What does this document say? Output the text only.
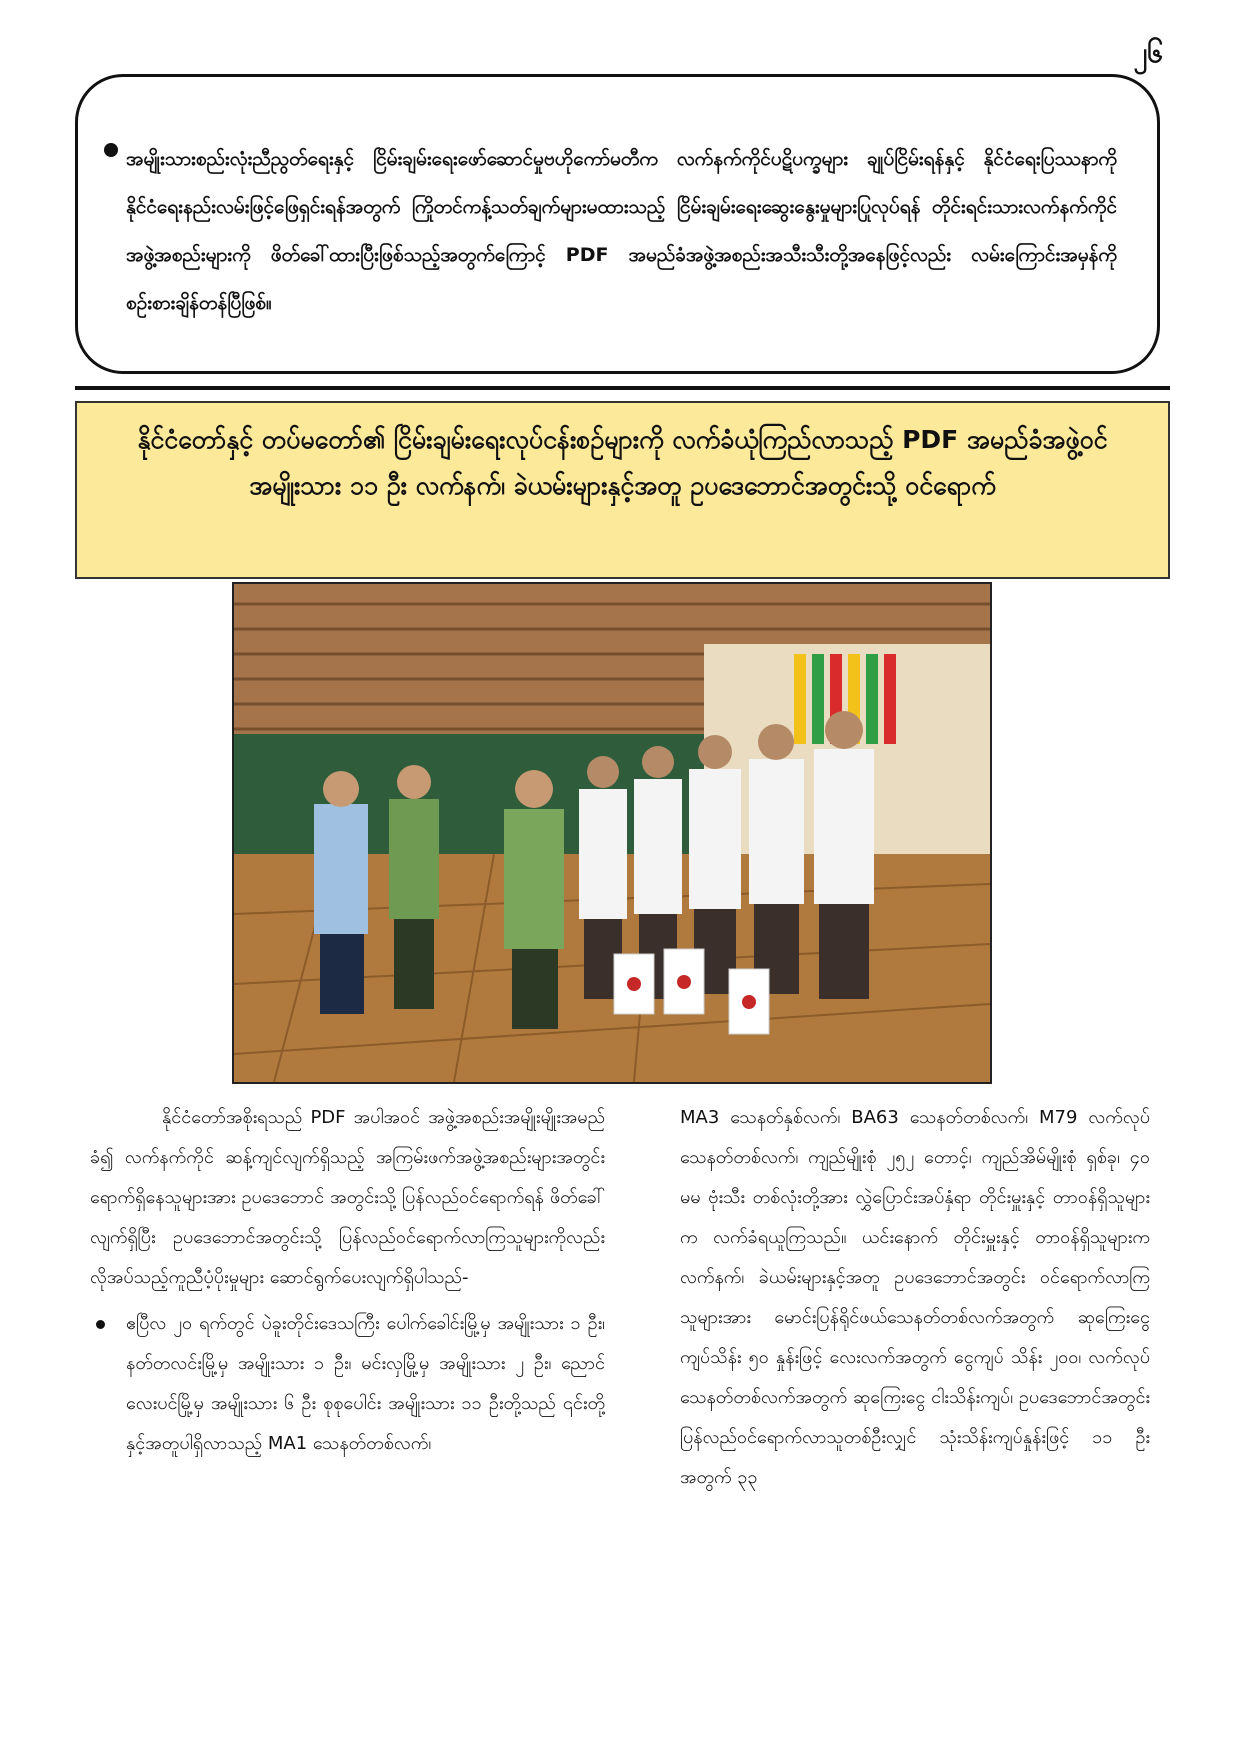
၂၆

အမျိုးသားစည်းလုံးညီညွတ်ရေးနှင့် ငြိမ်းချမ်းရေးဖော်ဆောင်မှုဗဟိုကော်မတီက လက်နက်ကိုင်ပဋိပက္ခများ ချုပ်ငြိမ်းရန်နှင့် နိုင်ငံရေးပြဿနာကို နိုင်ငံရေးနည်းလမ်းဖြင့်ဖြေရှင်းရန်အတွက် ကြိုတင်ကန့်သတ်ချက်များမထားသည့် ငြိမ်းချမ်းရေးဆွေးနွေးမှုများပြုလုပ်ရန် တိုင်းရင်းသားလက်နက်ကိုင်အဖွဲ့အစည်းများကို ဖိတ်ခေါ်ထားပြီးဖြစ်သည့်အတွက်ကြောင့် PDF အမည်ခံအဖွဲ့အစည်းအသီးသီးတို့အနေဖြင့်လည်း လမ်းကြောင်းအမှန်ကို စဉ်းစားချိန်တန်ပြီဖြစ်။

နိုင်ငံတော်နှင့် တပ်မတော်၏ ငြိမ်းချမ်းရေးလုပ်ငန်းစဉ်များကို လက်ခံယုံကြည်လာသည့် PDF အမည်ခံအဖွဲ့ဝင် အမျိုးသား ၁၁ ဦး လက်နက်၊ ခဲယမ်းများနှင့်အတူ ဥပဒေဘောင်အတွင်းသို့ ဝင်ရောက်

နိုင်ငံတော်အစိုးရသည် PDF အပါအဝင် အဖွဲ့အစည်းအမျိုးမျိုးအမည်ခံ၍ လက်နက်ကိုင် ဆန့်ကျင်လျက်ရှိသည့် အကြမ်းဖက်အဖွဲ့အစည်းများအတွင်း ရောက်ရှိနေသူများအား ဥပဒေဘောင် အတွင်းသို့ ပြန်လည်ဝင်ရောက်ရန် ဖိတ်ခေါ်လျက်ရှိပြီး ဥပဒေဘောင်အတွင်းသို့ ပြန်လည်ဝင်ရောက်လာကြသူများကိုလည်း လိုအပ်သည့်ကူညီပံ့ပိုးမှုများ ဆောင်ရွက်ပေးလျက်ရှိပါသည်-

ဧပြီလ ၂၀ ရက်တွင် ပဲခူးတိုင်းဒေသကြီး ပေါက်ခေါင်းမြို့မှ အမျိုးသား ၁ ဦး၊ နတ်တလင်းမြို့မှ အမျိုးသား ၁ ဦး၊ မင်းလှမြို့မှ အမျိုးသား ၂ ဦး၊ ညောင်လေးပင်မြို့မှ အမျိုးသား ၆ ဦး စုစုပေါင်း အမျိုးသား ၁၁ ဦးတို့သည် ၎င်းတို့နှင့်အတူပါရှိလာသည့် MA1 သေနတ်တစ်လက်၊

MA3 သေနတ်နှစ်လက်၊ BA63 သေနတ်တစ်လက်၊ M79 လက်လုပ်သေနတ်တစ်လက်၊ ကျည်မျိုးစုံ ၂၅၂ တောင့်၊ ကျည်အိမ်မျိုးစုံ ရှစ်ခု၊ ၄၀ မမ ဗုံးသီး တစ်လုံးတို့အား လွှဲပြောင်းအပ်နှံရာ တိုင်းမှူးနှင့် တာဝန်ရှိသူများက လက်ခံရယူကြသည်။ ယင်းနောက် တိုင်းမှူးနှင့် တာဝန်ရှိသူများက လက်နက်၊ ခဲယမ်းများနှင့်အတူ ဥပဒေဘောင်အတွင်း ဝင်ရောက်လာကြသူများအား မောင်းပြန်ရိုင်ဖယ်သေနတ်တစ်လက်အတွက် ဆုကြေးငွေ ကျပ်သိန်း ၅၀ နှုန်းဖြင့် လေးလက်အတွက် ငွေကျပ် သိန်း ၂၀၀၊ လက်လုပ်သေနတ်တစ်လက်အတွက် ဆုကြေးငွေ ငါးသိန်းကျပ်၊ ဥပဒေဘောင်အတွင်း ပြန်လည်ဝင်ရောက်လာသူတစ်ဦးလျှင် သုံးသိန်းကျပ်နှုန်းဖြင့် ၁၁ ဦး အတွက် ၃၃
